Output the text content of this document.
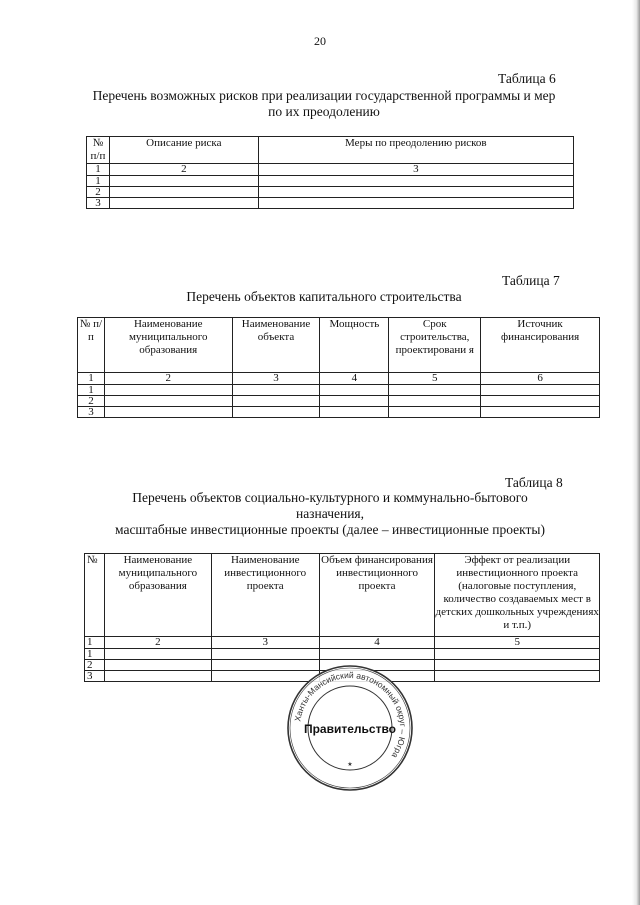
20
Таблица 6
Перечень возможных рисков при реализации государственной программы и мер
по их преодолению
№ п/п	Описание риска	Меры по преодолению рисков
1	2	3
1		
2		
3		
Таблица 7
Перечень объектов капитального строительства
№ п/п	Наименование муниципального образования	Наименование объекта	Мощность	Срок строительства, проектировани я	Источник финансирования
1	2	3	4	5	6
1					
2					
3					
Таблица 8
Перечень объектов социально-культурного и коммунально-бытового
назначения,
масштабные инвестиционные проекты (далее – инвестиционные проекты)
№	Наименование муниципального образования	Наименование инвестиционного проекта	Объем финансирования инвестиционного проекта	Эффект от реализации инвестиционного проекта (налоговые поступления, количество создаваемых мест в детских дошкольных учреждениях и т.п.)
1	2	3	4	5
1				
2				
3				
Ханты-Мансийский автономный округ – Югра
Правительство
★
